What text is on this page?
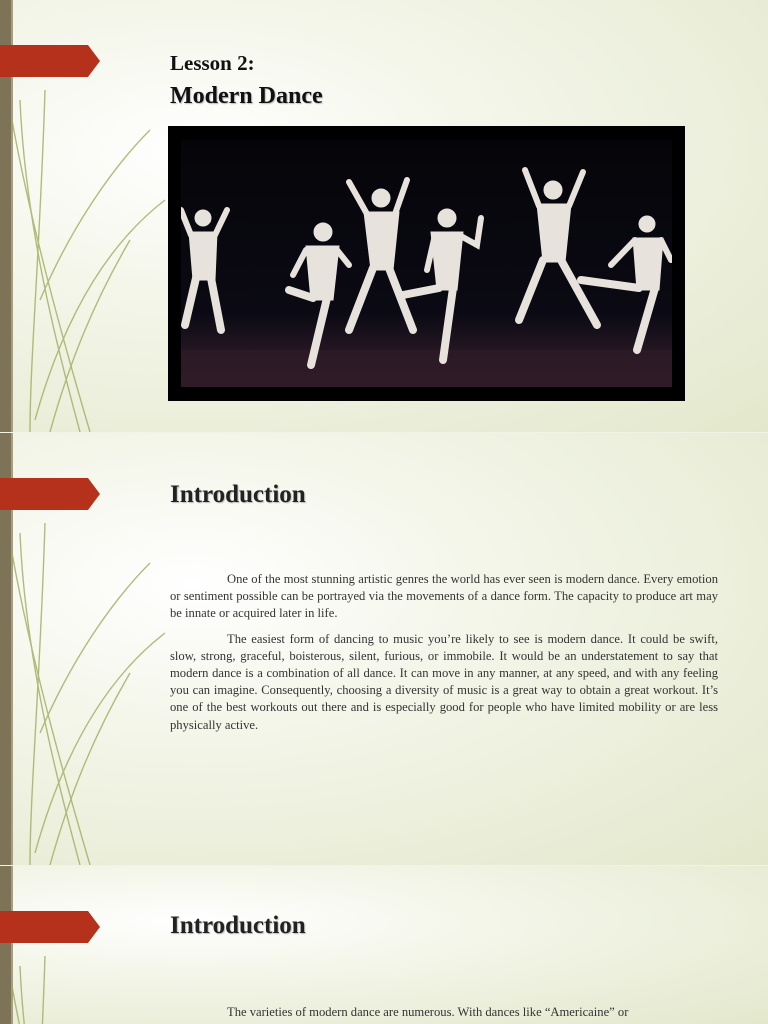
Lesson 2:
Modern Dance
Introduction

One of the most stunning artistic genres the world has ever seen is modern dance. Every emotion or sentiment possible can be portrayed via the movements of a dance form. The capacity to produce art may be innate or acquired later in life.

The easiest form of dancing to music you’re likely to see is modern dance. It could be swift, slow, strong, graceful, boisterous, silent, furious, or immobile. It would be an understatement to say that modern dance is a combination of all dance. It can move in any manner, at any speed, and with any feeling you can imagine. Consequently, choosing a diversity of music is a great way to obtain a great workout. It’s one of the best workouts out there and is especially good for people who have limited mobility or are less physically active.

Introduction

The varieties of modern dance are numerous. With dances like “Americaine” or
